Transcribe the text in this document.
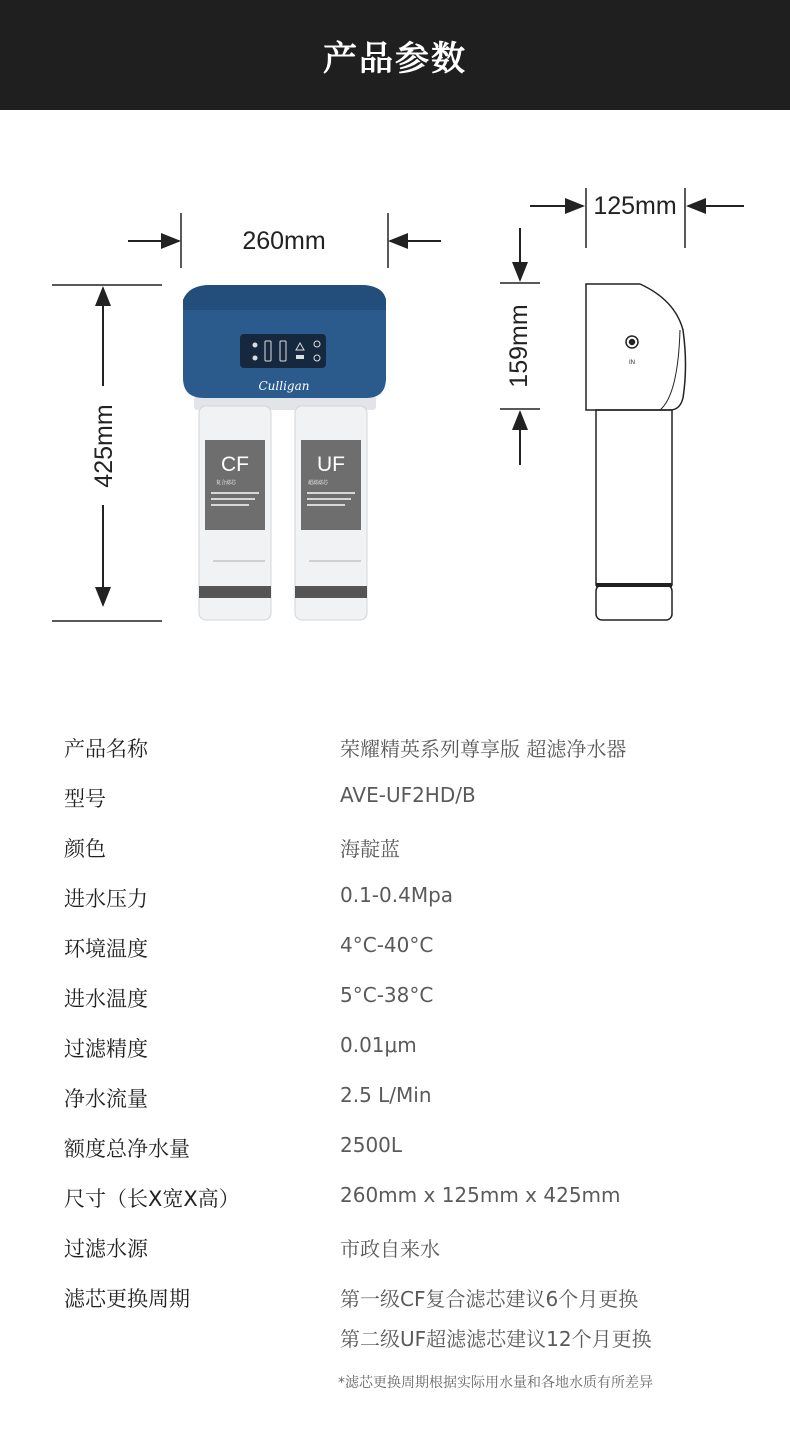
产品参数
260mm
425mm	CF
复合滤芯
UF
超滤滤芯
Culligan
125mm
159mm	IN
产品名称	荣耀精英系列尊享版 超滤净水器
型号	AVE-UF2HD/B
颜色	海靛蓝
进水压力	0.1-0.4Mpa
环境温度	4°C-40°C
进水温度	5°C-38°C
过滤精度	0.01μm
净水流量	2.5 L/Min
额度总净水量	2500L
尺寸（长X宽X高）	260mm x 125mm x 425mm
过滤水源	市政自来水
滤芯更换周期	第一级CF复合滤芯建议6个月更换
第二级UF超滤滤芯建议12个月更换
*滤芯更换周期根据实际用水量和各地水质有所差异
